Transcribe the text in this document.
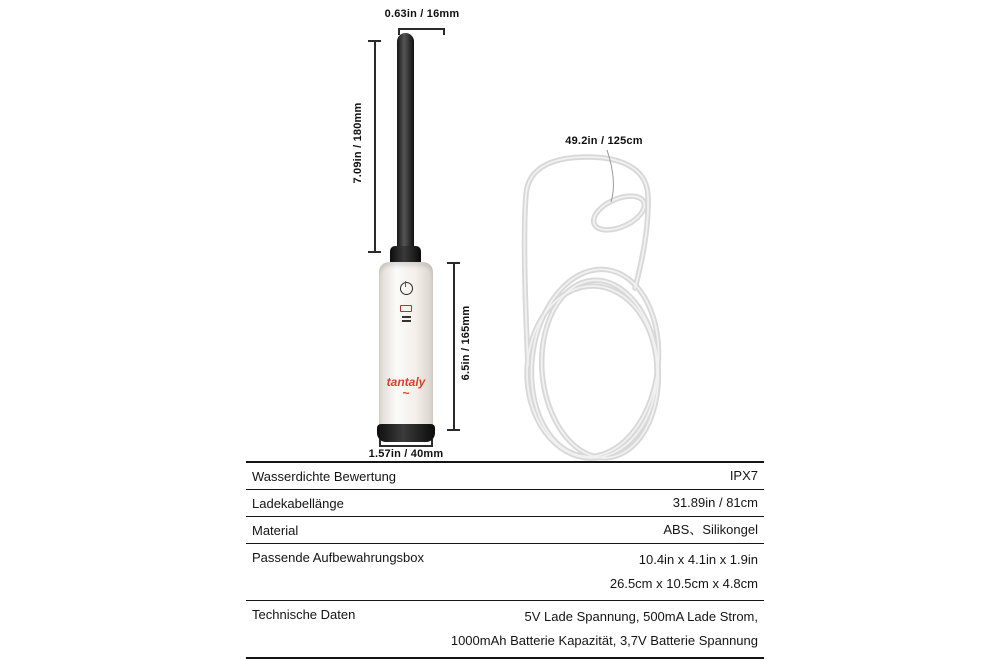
0.63in / 16mm
7.09in / 180mm
6.5in / 165mm
1.57in / 40mm
tantaly
~
49.2in / 125cm
Wasserdichte Bewertung	IPX7
Ladekabellänge	31.89in / 81cm
Material	ABS、Silikongel
Passende Aufbewahrungsbox	10.4in x 4.1in x 1.9in
26.5cm x 10.5cm x 4.8cm
Technische Daten	5V Lade Spannung, 500mA Lade Strom,
1000mAh Batterie Kapazität, 3,7V Batterie Spannung
